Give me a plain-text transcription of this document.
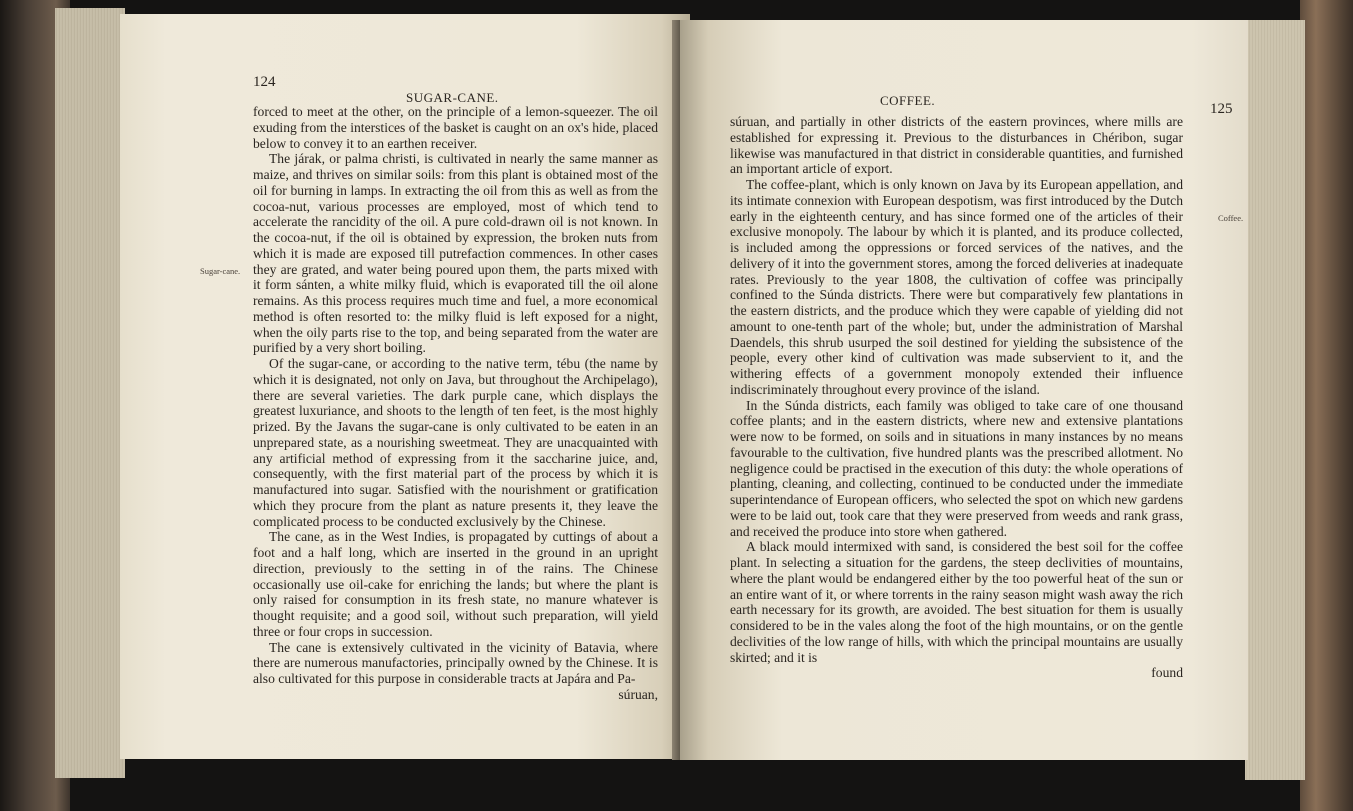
124
SUGAR-CANE.

forced to meet at the other, on the principle of a lemon-squeezer. The oil exuding from the interstices of the basket is caught on an ox's hide, placed below to convey it to an earthen receiver.

The járak, or palma christi, is cultivated in nearly the same manner as maize, and thrives on similar soils: from this plant is obtained most of the oil for burning in lamps. In extracting the oil from this as well as from the cocoa-nut, various processes are employed, most of which tend to accelerate the rancidity of the oil. A pure cold-drawn oil is not known. In the cocoa-nut, if the oil is obtained by expression, the broken nuts from which it is made are exposed till putrefaction commences. In other cases they are grated, and water being poured upon them, the parts mixed with it form sánten, a white milky fluid, which is evaporated till the oil alone remains. As this process requires much time and fuel, a more economical method is often resorted to: the milky fluid is left exposed for a night, when the oily parts rise to the top, and being separated from the water are purified by a very short boiling.

Of the sugar-cane, or according to the native term, tébu (the name by which it is designated, not only on Java, but throughout the Archipelago), there are several varieties. The dark purple cane, which displays the greatest luxuriance, and shoots to the length of ten feet, is the most highly prized. By the Javans the sugar-cane is only cultivated to be eaten in an unprepared state, as a nourishing sweetmeat. They are unacquainted with any artificial method of expressing from it the saccharine juice, and, consequently, with the first material part of the process by which it is manufactured into sugar. Satisfied with the nourishment or gratification which they procure from the plant as nature presents it, they leave the complicated process to be conducted exclusively by the Chinese.

The cane, as in the West Indies, is propagated by cuttings of about a foot and a half long, which are inserted in the ground in an upright direction, previously to the setting in of the rains. The Chinese occasionally use oil-cake for enriching the lands; but where the plant is only raised for consumption in its fresh state, no manure whatever is thought requisite; and a good soil, without such preparation, will yield three or four crops in succession.

The cane is extensively cultivated in the vicinity of Batavia, where there are numerous manufactories, principally owned by the Chinese. It is also cultivated for this purpose in considerable tracts at Japára and Pa-

súruan,
Sugar-cane.
COFFEE.
125

súruan, and partially in other districts of the eastern provinces, where mills are established for expressing it. Previous to the disturbances in Chéribon, sugar likewise was manufactured in that district in considerable quantities, and furnished an important article of export.

The coffee-plant, which is only known on Java by its European appellation, and its intimate connexion with European despotism, was first introduced by the Dutch early in the eighteenth century, and has since formed one of the articles of their exclusive monopoly. The labour by which it is planted, and its produce collected, is included among the oppressions or forced services of the natives, and the delivery of it into the government stores, among the forced deliveries at inadequate rates. Previously to the year 1808, the cultivation of coffee was principally confined to the Súnda districts. There were but comparatively few plantations in the eastern districts, and the produce which they were capable of yielding did not amount to one-tenth part of the whole; but, under the administration of Marshal Daendels, this shrub usurped the soil destined for yielding the subsistence of the people, every other kind of cultivation was made subservient to it, and the withering effects of a government monopoly extended their influence indiscriminately throughout every province of the island.

In the Súnda districts, each family was obliged to take care of one thousand coffee plants; and in the eastern districts, where new and extensive plantations were now to be formed, on soils and in situations in many instances by no means favourable to the cultivation, five hundred plants was the prescribed allotment. No negligence could be practised in the execution of this duty: the whole operations of planting, cleaning, and collecting, continued to be conducted under the immediate superintendance of European officers, who selected the spot on which new gardens were to be laid out, took care that they were preserved from weeds and rank grass, and received the produce into store when gathered.

A black mould intermixed with sand, is considered the best soil for the coffee plant. In selecting a situation for the gardens, the steep declivities of mountains, where the plant would be endangered either by the too powerful heat of the sun or an entire want of it, or where torrents in the rainy season might wash away the rich earth necessary for its growth, are avoided. The best situation for them is usually considered to be in the vales along the foot of the high mountains, or on the gentle declivities of the low range of hills, with which the principal mountains are usually skirted; and it is

found
Coffee.
